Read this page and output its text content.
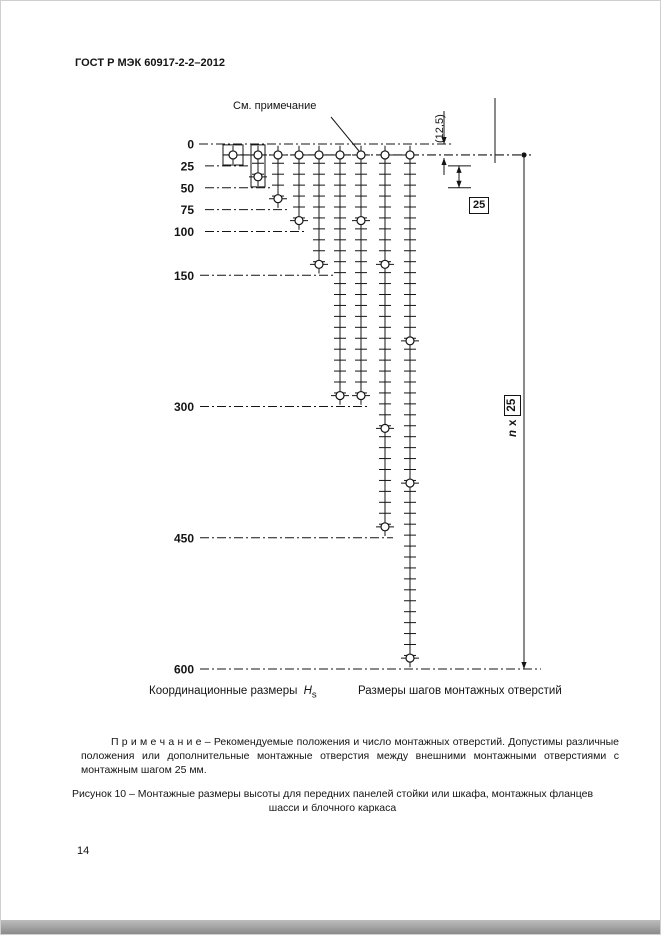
ГОСТ Р МЭК 60917-2-2–2012
0
25
50
75
100
150
300
450
600
См. примечание
(12,5)
25
n
x
25
Координационные размеры $H_s$	Размеры шагов монтажных отверстий
П р и м е ч а н и е – Рекомендуемые положения и число монтажных отверстий. Допустимы различные положения или дополнительные монтажные отверстия между внешними монтажными отверстиями с монтажным шагом 25 мм.
Рисунок 10 – Монтажные размеры высоты для передних панелей стойки или шкафа, монтажных фланцев шасси и блочного каркаса
14
